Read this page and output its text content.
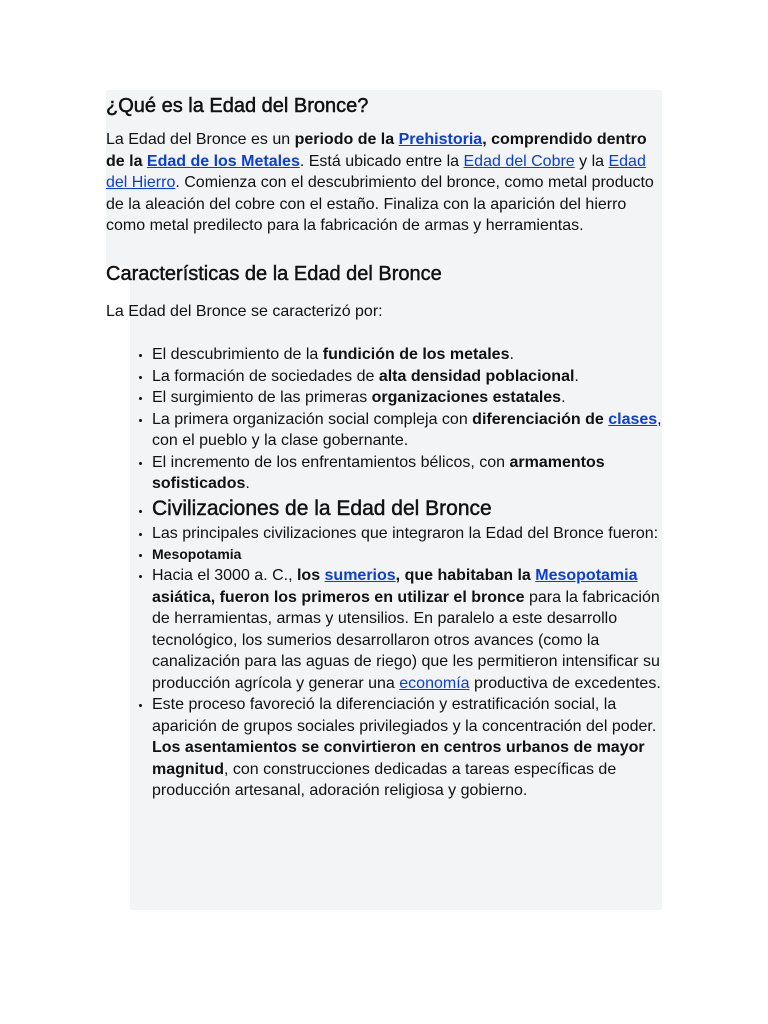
¿Qué es la Edad del Bronce?

La Edad del Bronce es un periodo de la Prehistoria, comprendido dentro de la Edad de los Metales. Está ubicado entre la Edad del Cobre y la Edad del Hierro. Comienza con el descubrimiento del bronce, como metal producto de la aleación del cobre con el estaño. Finaliza con la aparición del hierro como metal predilecto para la fabricación de armas y herramientas.

Características de la Edad del Bronce

La Edad del Bronce se caracterizó por:

• El descubrimiento de la fundición de los metales.
• La formación de sociedades de alta densidad poblacional.
• El surgimiento de las primeras organizaciones estatales.
• La primera organización social compleja con diferenciación de clases, con el pueblo y la clase gobernante.
• El incremento de los enfrentamientos bélicos, con armamentos sofisticados.
• Civilizaciones de la Edad del Bronce
• Las principales civilizaciones que integraron la Edad del Bronce fueron:
• Mesopotamia
• Hacia el 3000 a. C., los sumerios, que habitaban la Mesopotamia asiática, fueron los primeros en utilizar el bronce para la fabricación de herramientas, armas y utensilios. En paralelo a este desarrollo tecnológico, los sumerios desarrollaron otros avances (como la canalización para las aguas de riego) que les permitieron intensificar su producción agrícola y generar una economía productiva de excedentes.
• Este proceso favoreció la diferenciación y estratificación social, la aparición de grupos sociales privilegiados y la concentración del poder. Los asentamientos se convirtieron en centros urbanos de mayor magnitud, con construcciones dedicadas a tareas específicas de producción artesanal, adoración religiosa y gobierno.
